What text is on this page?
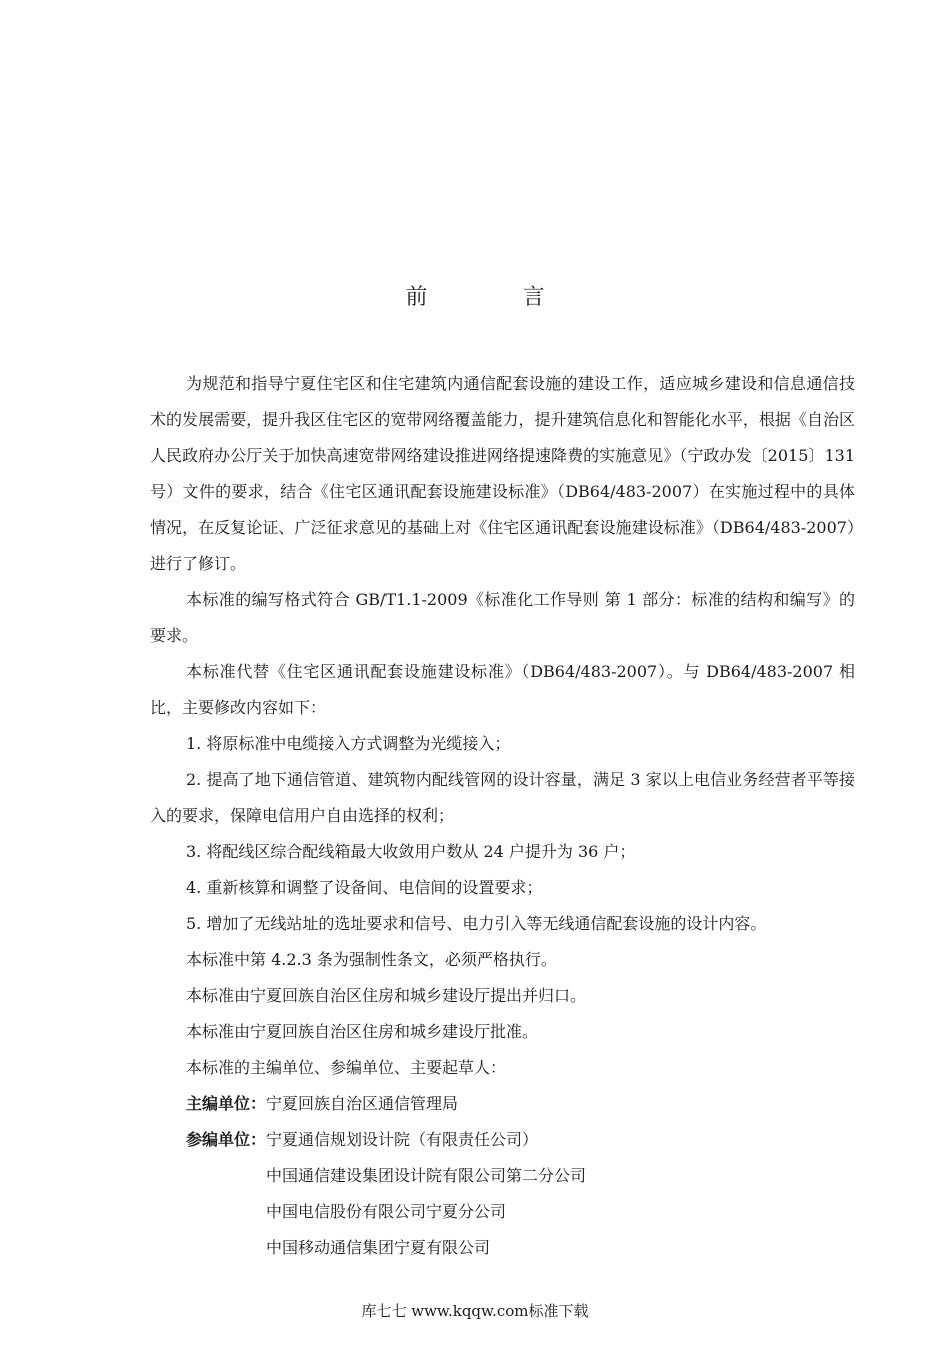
前 言

为规范和指导宁夏住宅区和住宅建筑内通信配套设施的建设工作，适应城乡建设和信息通信技术的发展需要，提升我区住宅区的宽带网络覆盖能力，提升建筑信息化和智能化水平，根据《自治区人民政府办公厅关于加快高速宽带网络建设推进网络提速降费的实施意见》（宁政办发〔2015〕131 号）文件的要求，结合《住宅区通讯配套设施建设标准》（DB64/483-2007）在实施过程中的具体情况，在反复论证、广泛征求意见的基础上对《住宅区通讯配套设施建设标准》（DB64/483-2007）进行了修订。

本标准的编写格式符合 GB/T1.1-2009《标准化工作导则 第 1 部分：标准的结构和编写》的要求。

本标准代替《住宅区通讯配套设施建设标准》（DB64/483-2007）。与 DB64/483-2007 相比，主要修改内容如下：

1. 将原标准中电缆接入方式调整为光缆接入；

2. 提高了地下通信管道、建筑物内配线管网的设计容量，满足 3 家以上电信业务经营者平等接入的要求，保障电信用户自由选择的权利；

3. 将配线区综合配线箱最大收敛用户数从 24 户提升为 36 户；

4. 重新核算和调整了设备间、电信间的设置要求；

5. 增加了无线站址的选址要求和信号、电力引入等无线通信配套设施的设计内容。

本标准中第 4.2.3 条为强制性条文，必须严格执行。

本标准由宁夏回族自治区住房和城乡建设厅提出并归口。

本标准由宁夏回族自治区住房和城乡建设厅批准。

本标准的主编单位、参编单位、主要起草人：

主编单位： 宁夏回族自治区通信管理局
参编单位： 宁夏通信规划设计院（有限责任公司）
中国通信建设集团设计院有限公司第二分公司
中国电信股份有限公司宁夏分公司
中国移动通信集团宁夏有限公司
库七七 www.kqqw.com标准下载
